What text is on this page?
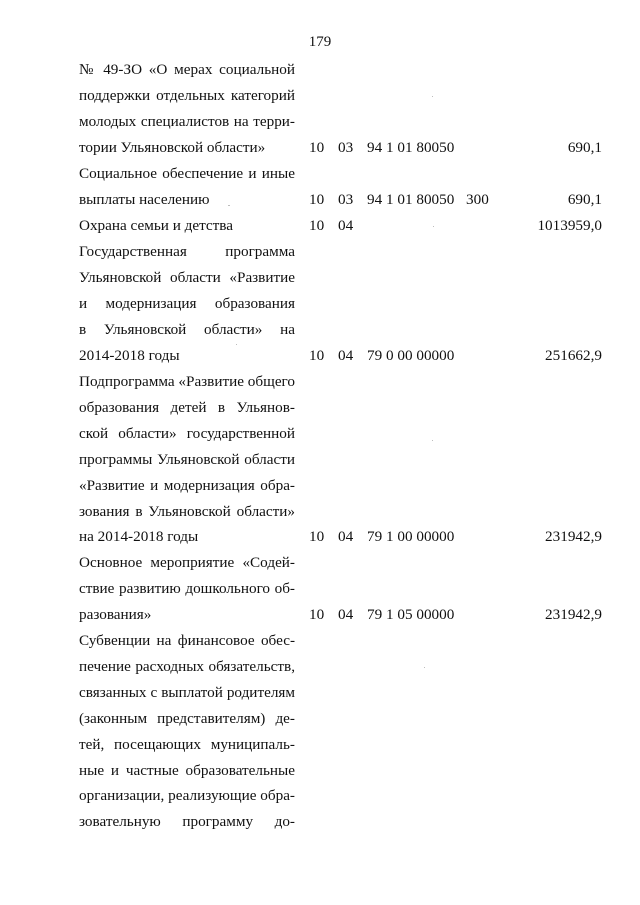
179
№ 49-ЗО «О мерах социальной
поддержки отдельных категорий
молодых специалистов на терри-
тории Ульяновской области»	10 03 94 1 01 80050	690,1
Социальное обеспечение и иные
выплаты населению	10 03 94 1 01 80050 300	690,1
Охрана семьи и детства	10 04	1013959,0
Государственная программа
Ульяновской области «Развитие
и модернизация образования
в Ульяновской области» на
2014-2018 годы	10 04 79 0 00 00000	251662,9
Подпрограмма «Развитие общего
образования детей в Ульянов-
ской области» государственной
программы Ульяновской области
«Развитие и модернизация обра-
зования в Ульяновской области»
на 2014-2018 годы	10 04 79 1 00 00000	231942,9
Основное мероприятие «Содей-
ствие развитию дошкольного об-
разования»	10 04 79 1 05 00000	231942,9
Субвенции на финансовое обес-
печение расходных обязательств,
связанных с выплатой родителям
(законным представителям) де-
тей, посещающих муниципаль-
ные и частные образовательные
организации, реализующие обра-
зовательную программу до-
